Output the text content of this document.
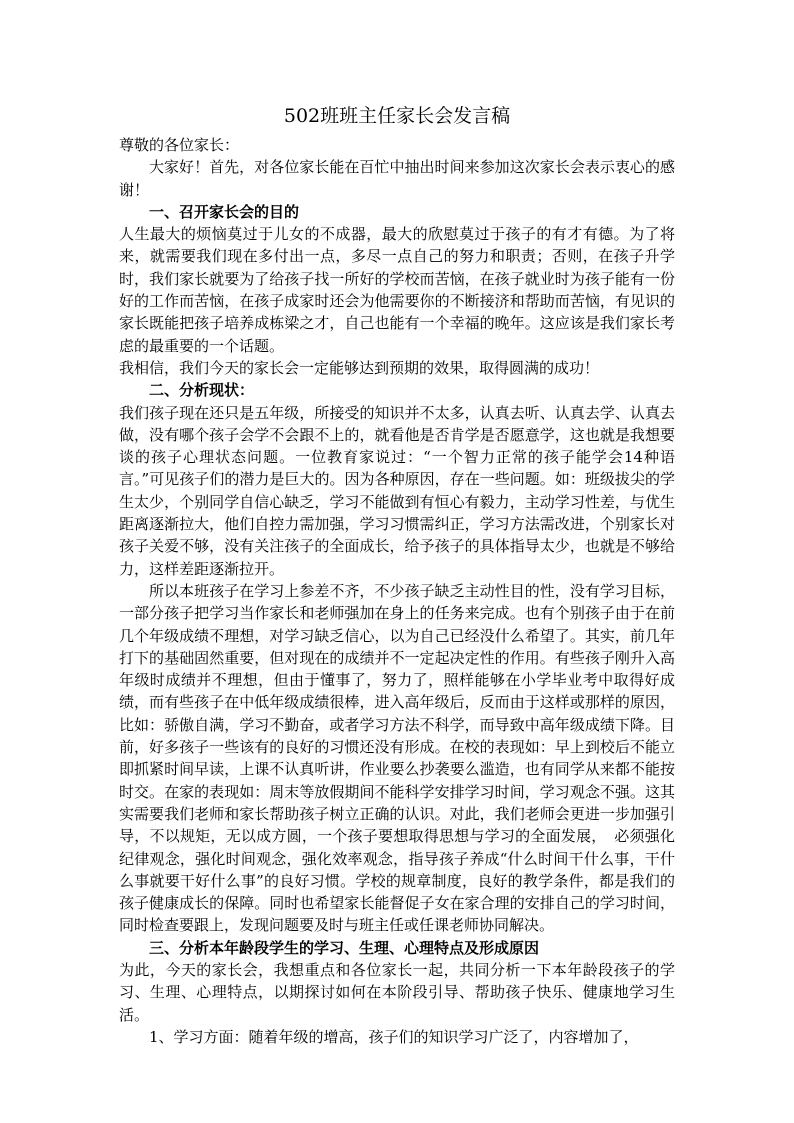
502班班主任家长会发言稿

尊敬的各位家长：

大家好！首先，对各位家长能在百忙中抽出时间来参加这次家长会表示衷心的感谢！

一、召开家长会的目的

人生最大的烦恼莫过于儿女的不成器，最大的欣慰莫过于孩子的有才有德。为了将来，就需要我们现在多付出一点，多尽一点自己的努力和职责；否则，在孩子升学时，我们家长就要为了给孩子找一所好的学校而苦恼，在孩子就业时为孩子能有一份好的工作而苦恼，在孩子成家时还会为他需要你的不断接济和帮助而苦恼，有见识的家长既能把孩子培养成栋梁之才，自己也能有一个幸福的晚年。这应该是我们家长考虑的最重要的一个话题。

我相信，我们今天的家长会一定能够达到预期的效果，取得圆满的成功！

二、分析现状：

我们孩子现在还只是五年级，所接受的知识并不太多，认真去听、认真去学、认真去做，没有哪个孩子会学不会跟不上的，就看他是否肯学是否愿意学，这也就是我想要谈的孩子心理状态问题。一位教育家说过：“一个智力正常的孩子能学会14种语言。”可见孩子们的潜力是巨大的。因为各种原因，存在一些问题。如：班级拔尖的学生太少，个别同学自信心缺乏，学习不能做到有恒心有毅力，主动学习性差，与优生距离逐渐拉大，他们自控力需加强，学习习惯需纠正，学习方法需改进，个别家长对孩子关爱不够，没有关注孩子的全面成长，给予孩子的具体指导太少，也就是不够给力，这样差距逐渐拉开。

所以本班孩子在学习上参差不齐，不少孩子缺乏主动性目的性，没有学习目标，一部分孩子把学习当作家长和老师强加在身上的任务来完成。也有个别孩子由于在前几个年级成绩不理想，对学习缺乏信心，以为自己已经没什么希望了。其实，前几年打下的基础固然重要，但对现在的成绩并不一定起决定性的作用。有些孩子刚升入高年级时成绩并不理想，但由于懂事了，努力了，照样能够在小学毕业考中取得好成绩，而有些孩子在中低年级成绩很棒，进入高年级后，反而由于这样或那样的原因，比如：骄傲自满，学习不勤奋，或者学习方法不科学，而导致中高年级成绩下降。目前，好多孩子一些该有的良好的习惯还没有形成。在校的表现如：早上到校后不能立即抓紧时间早读，上课不认真听讲，作业要么抄袭要么滥造，也有同学从来都不能按时交。在家的表现如：周末等放假期间不能科学安排学习时间，学习观念不强。这其实需要我们老师和家长帮助孩子树立正确的认识。对此，我们老师会更进一步加强引导，不以规矩，无以成方圆，一个孩子要想取得思想与学习的全面发展，　必须强化纪律观念，强化时间观念，强化效率观念，指导孩子养成“什么时间干什么事，干什么事就要干好什么事”的良好习惯。学校的规章制度，良好的教学条件，都是我们的孩子健康成长的保障。同时也希望家长能督促子女在家合理的安排自己的学习时间，同时检查要跟上，发现问题要及时与班主任或任课老师协同解决。

三、分析本年龄段学生的学习、生理、心理特点及形成原因

为此，今天的家长会，我想重点和各位家长一起，共同分析一下本年龄段孩子的学习、生理、心理特点，以期探讨如何在本阶段引导、帮助孩子快乐、健康地学习生活。

1、学习方面：随着年级的增高，孩子们的知识学习广泛了，内容增加了，
